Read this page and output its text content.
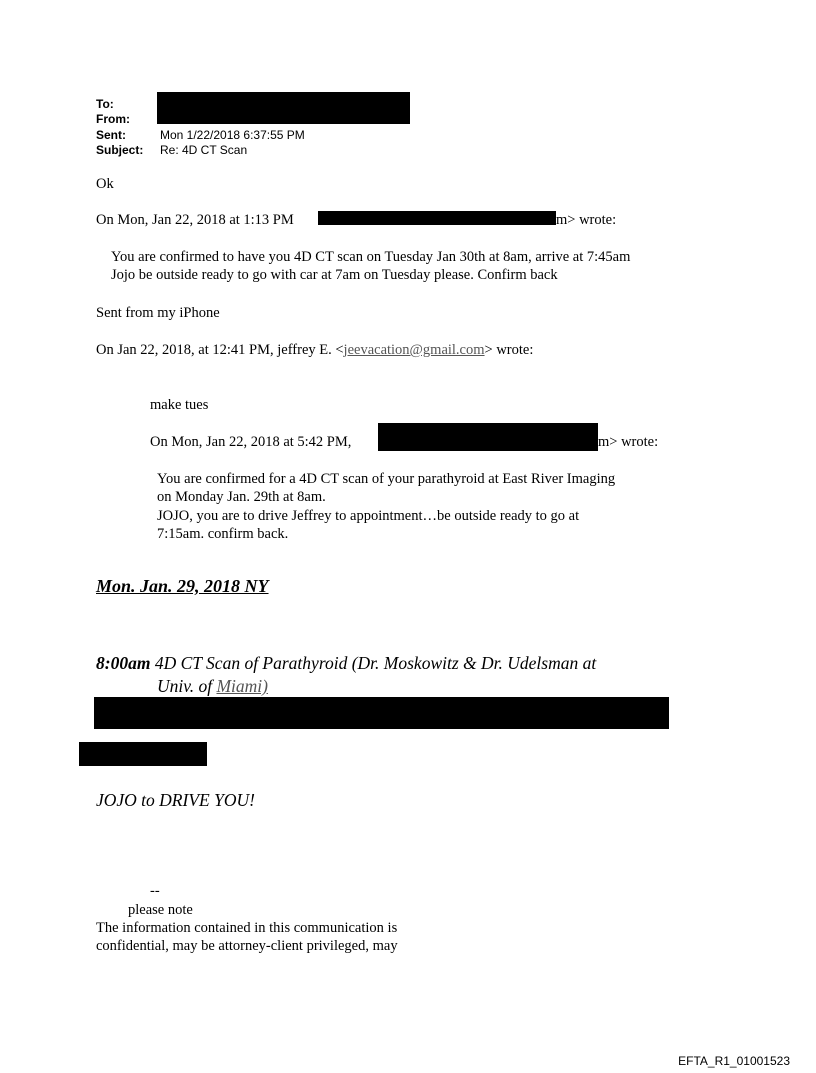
To:
From:
Sent:
Subject:
Mon 1/22/2018 6:37:55 PM
Re: 4D CT Scan
Ok
On Mon, Jan 22, 2018 at 1:13 PM	m> wrote:
You are confirmed to have you 4D CT scan on Tuesday Jan 30th at 8am, arrive at 7:45am
Jojo be outside ready to go with car at 7am on Tuesday please. Confirm back
Sent from my iPhone
On Jan 22, 2018, at 12:41 PM, jeffrey E. <jeevacation@gmail.com> wrote:
make tues
On Mon, Jan 22, 2018 at 5:42 PM,	m> wrote:
You are confirmed for a 4D CT scan of your parathyroid at East River Imaging
on Monday Jan. 29th at 8am.
JOJO, you are to drive Jeffrey to appointment…be outside ready to go at
7:15am. confirm back.
Mon. Jan. 29, 2018 NY
8:00am 4D CT Scan of Parathyroid (Dr. Moskowitz & Dr. Udelsman at
Univ. of Miami)
JOJO to DRIVE YOU!
--
please note
The information contained in this communication is
confidential, may be attorney-client privileged, may
EFTA_R1_01001523
